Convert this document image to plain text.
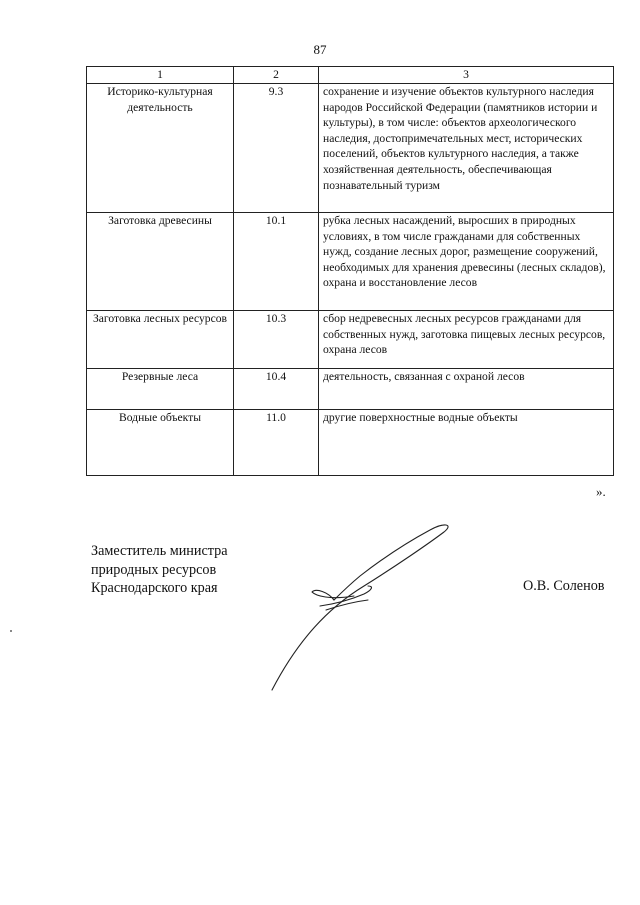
87
1	2	3
Историко-культурная деятельность	9.3	сохранение и изучение объектов культурного наследия народов Российской Федерации (памятников истории и культуры), в том числе: объектов археологического наследия, достопримечательных мест, исторических поселений, объектов культурного наследия, а также хозяйственная деятельность, обеспечивающая познавательный туризм
Заготовка древесины	10.1	рубка лесных насаждений, выросших в природных условиях, в том числе гражданами для собственных нужд, создание лесных дорог, размещение сооружений, необходимых для хранения древесины (лесных складов), охрана и восстановление лесов
Заготовка лесных ресурсов	10.3	сбор недревесных лесных ресурсов гражданами для собственных нужд, заготовка пищевых лесных ресурсов, охрана лесов
Резервные леса	10.4	деятельность, связанная с охраной лесов
Водные объекты	11.0	другие поверхностные водные объекты
».
Заместитель министра
природных ресурсов
Краснодарского края	О.В. Соленов
